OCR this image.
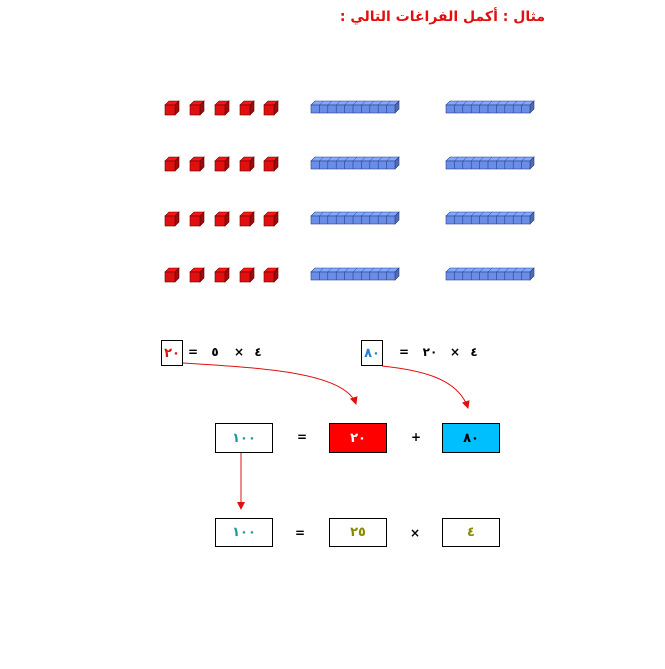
مثال : أكمل الفراغات التالي :
٢٠ = ٥ × ٤	٨٠ =	٢٠	× ٤
١٠٠	=	٢٠	+	٨٠
١٠٠	=	٢٥	×	٤
